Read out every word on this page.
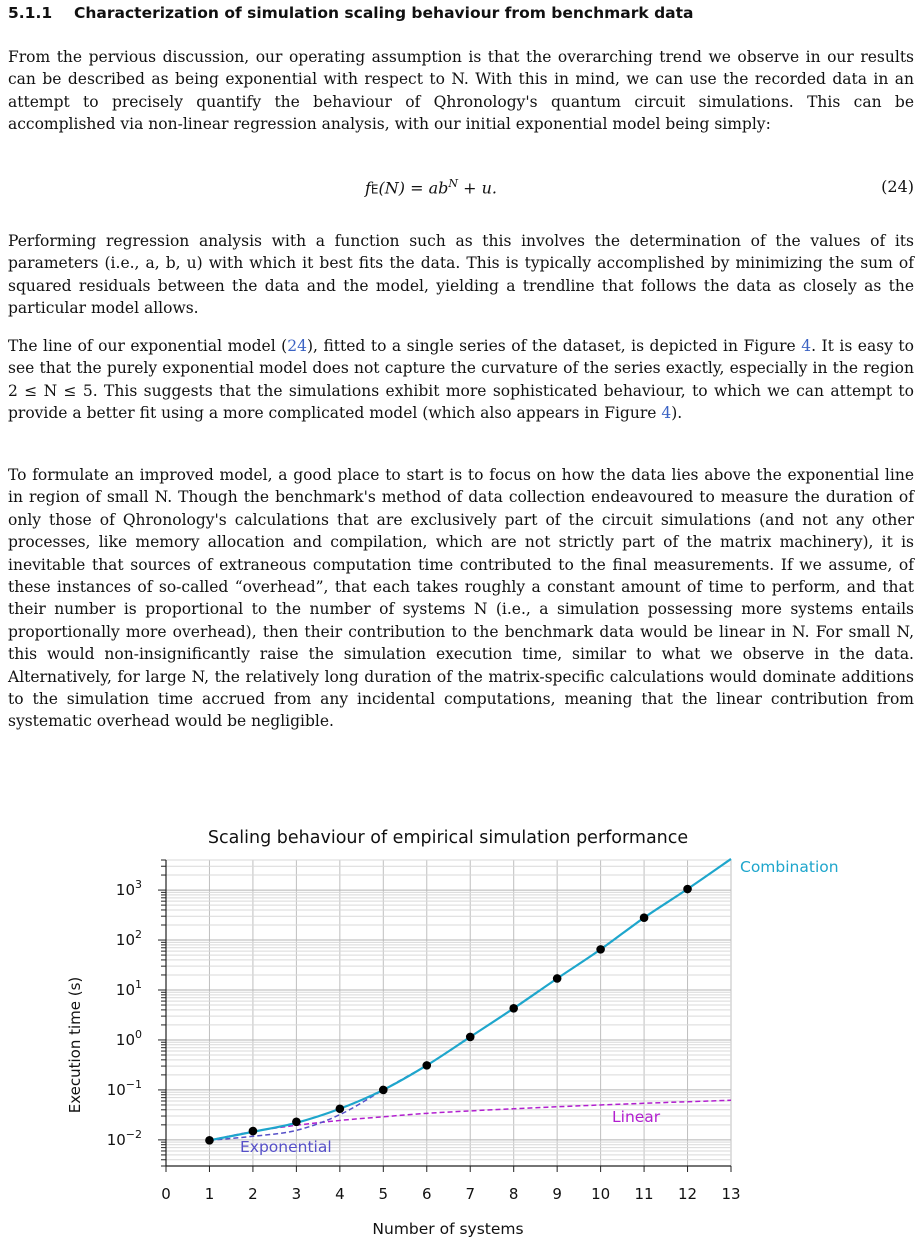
5.1.1 Characterization of simulation scaling behaviour from benchmark data

From the pervious discussion, our operating assumption is that the overarching trend we observe in our results can be described as being exponential with respect to N. With this in mind, we can use the recorded data in an attempt to precisely quantify the behaviour of Qhronology's quantum circuit simulations. This can be accomplished via non-linear regression analysis, with our initial exponential model being simply:

$fE(N) = ab^N + u$.	(24)

Performing regression analysis with a function such as this involves the determination of the values of its parameters (i.e., a, b, u) with which it best fits the data. This is typically accomplished by minimizing the sum of squared residuals between the data and the model, yielding a trendline that follows the data as closely as the particular model allows.

The line of our exponential model (24), fitted to a single series of the dataset, is depicted in Figure 4. It is easy to see that the purely exponential model does not capture the curvature of the series exactly, especially in the region 2 ≤ N ≤ 5. This suggests that the simulations exhibit more sophisticated behaviour, to which we can attempt to provide a better fit using a more complicated model (which also appears in Figure 4).

To formulate an improved model, a good place to start is to focus on how the data lies above the exponential line in region of small N. Though the benchmark's method of data collection endeavoured to measure the duration of only those of Qhronology's calculations that are exclusively part of the circuit simulations (and not any other processes, like memory allocation and compilation, which are not strictly part of the matrix machinery), it is inevitable that sources of extraneous computation time contributed to the final measurements. If we assume, of these instances of so-called “overhead”, that each takes roughly a constant amount of time to perform, and that their number is proportional to the number of systems N (i.e., a simulation possessing more systems entails proportionally more overhead), then their contribution to the benchmark data would be linear in N. For small N, this would non-insignificantly raise the simulation execution time, similar to what we observe in the data. Alternatively, for large N, the relatively long duration of the matrix-specific calculations would dominate additions to the simulation time accrued from any incidental computations, meaning that the linear contribution from systematic overhead would be negligible.

Scaling behaviour of empirical simulation performance
Execution time (s)
Number of systems
0 1 2 3 4 5 6 7 8 9 10 11 12 13
$10^{-2}$
$10^{-1}$
$10^0$
$10^1$
$10^2$
$10^3$
Combination
Exponential
Linear
